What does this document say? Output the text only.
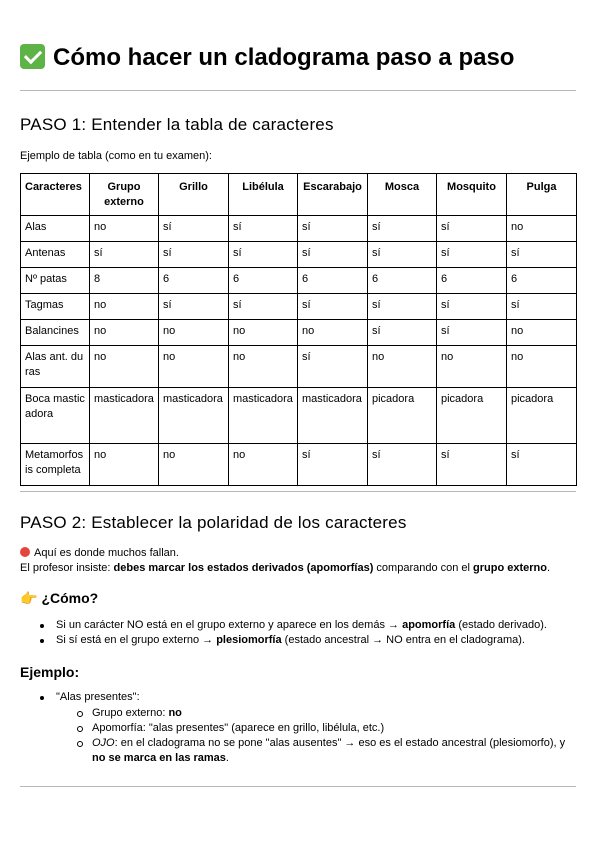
Cómo hacer un cladograma paso a paso
PASO 1: Entender la tabla de caracteres
Ejemplo de tabla (como en tu examen):
Caracteres	Grupo externo	Grillo	Libélula	Escarabajo	Mosca	Mosquito	Pulga
Alas	no	sí	sí	sí	sí	sí	no
Antenas	sí	sí	sí	sí	sí	sí	sí
Nº patas	8	6	6	6	6	6	6
Tagmas	no	sí	sí	sí	sí	sí	sí
Balancines	no	no	no	no	sí	sí	no
Alas ant. duras	no	no	no	sí	no	no	no
Boca masticadora	masticadora	masticadora	masticadora	masticadora	picadora	picadora	picadora
Metamorfosis completa	no	no	no	sí	sí	sí	sí
PASO 2: Establecer la polaridad de los caracteres
Aquí es donde muchos fallan.
El profesor insiste: debes marcar los estados derivados (apomorfías) comparando con el grupo externo.
👉 ¿Cómo?
Si un carácter NO está en el grupo externo y aparece en los demás → apomorfía (estado derivado).
Si sí está en el grupo externo → plesiomorfía (estado ancestral → NO entra en el cladograma).
Ejemplo:
"Alas presentes":
Grupo externo: no
Apomorfía: "alas presentes" (aparece en grillo, libélula, etc.)
OJO: en el cladograma no se pone "alas ausentes" → eso es el estado ancestral (plesiomorfo), y
no se marca en las ramas.
